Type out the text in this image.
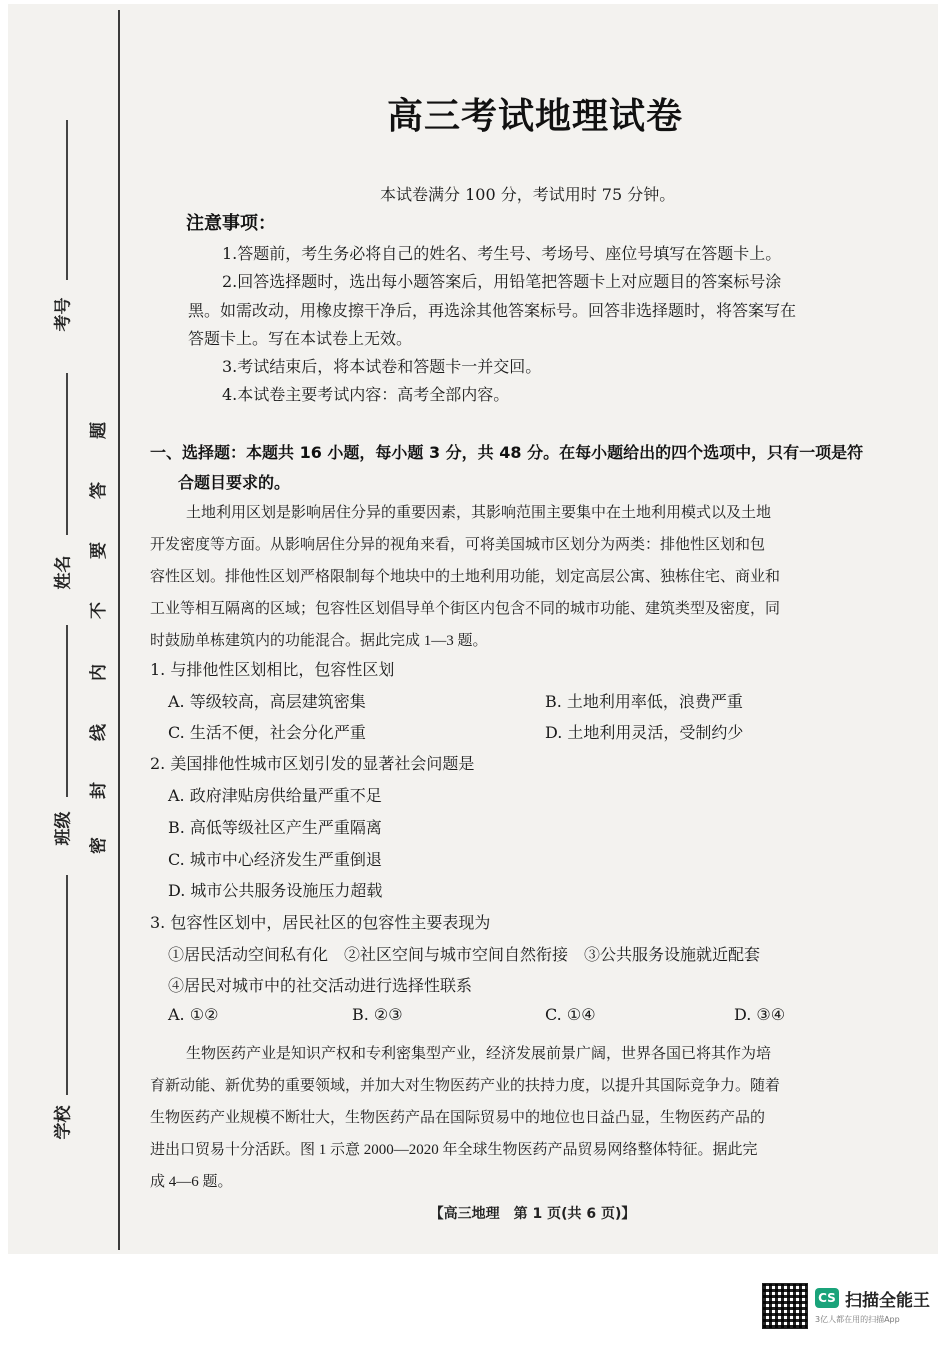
考号
姓名
班级
学校
题
答
要
不
内
线
封
密
高三考试地理试卷
本试卷满分 100 分，考试用时 75 分钟。
注意事项：
1.答题前，考生务必将自己的姓名、考生号、考场号、座位号填写在答题卡上。
2.回答选择题时，选出每小题答案后，用铅笔把答题卡上对应题目的答案标号涂
黑。如需改动，用橡皮擦干净后，再选涂其他答案标号。回答非选择题时，将答案写在
答题卡上。写在本试卷上无效。
3.考试结束后，将本试卷和答题卡一并交回。
4.本试卷主要考试内容：高考全部内容。
一、选择题：本题共 16 小题，每小题 3 分，共 48 分。在每小题给出的四个选项中，只有一项是符
合题目要求的。
土地利用区划是影响居住分异的重要因素，其影响范围主要集中在土地利用模式以及土地
开发密度等方面。从影响居住分异的视角来看，可将美国城市区划分为两类：排他性区划和包
容性区划。排他性区划严格限制每个地块中的土地利用功能，划定高层公寓、独栋住宅、商业和
工业等相互隔离的区域；包容性区划倡导单个街区内包含不同的城市功能、建筑类型及密度，同
时鼓励单栋建筑内的功能混合。据此完成 1—3 题。
1. 与排他性区划相比，包容性区划
A. 等级较高，高层建筑密集	B. 土地利用率低，浪费严重
C. 生活不便，社会分化严重	D. 土地利用灵活，受制约少
2. 美国排他性城市区划引发的显著社会问题是
A. 政府津贴房供给量严重不足
B. 高低等级社区产生严重隔离
C. 城市中心经济发生严重倒退
D. 城市公共服务设施压力超载
3. 包容性区划中，居民社区的包容性主要表现为
①居民活动空间私有化　②社区空间与城市空间自然衔接　③公共服务设施就近配套
④居民对城市中的社交活动进行选择性联系
A. ①②	B. ②③	C. ①④	D. ③④
生物医药产业是知识产权和专利密集型产业，经济发展前景广阔，世界各国已将其作为培
育新动能、新优势的重要领域，并加大对生物医药产业的扶持力度，以提升其国际竞争力。随着
生物医药产业规模不断壮大，生物医药产品在国际贸易中的地位也日益凸显，生物医药产品的
进出口贸易十分活跃。图 1 示意 2000—2020 年全球生物医药产品贸易网络整体特征。据此完
成 4—6 题。
【高三地理　第 1 页(共 6 页)】
CS 扫描全能王
3亿人都在用的扫描App
